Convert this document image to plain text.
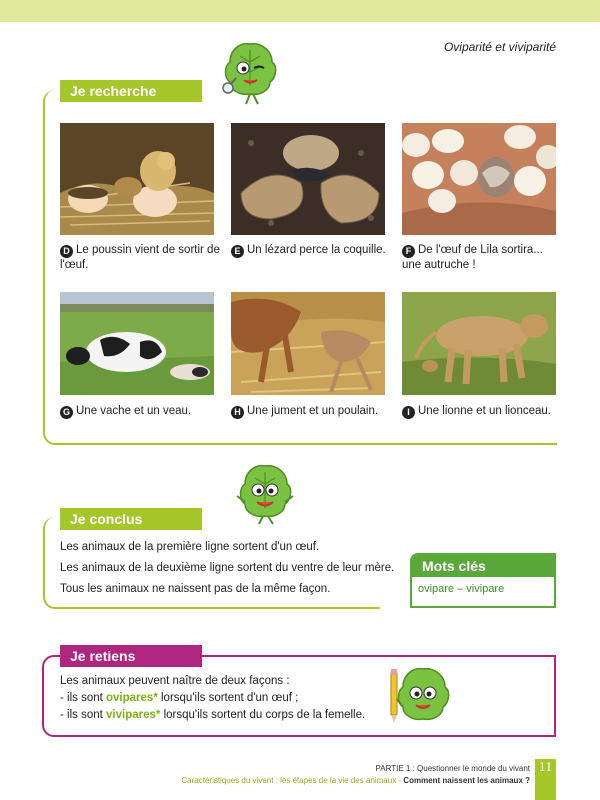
Oviparité et viviparité
Je recherche
D Le poussin vient de sortir de l'œuf.
E Un lézard perce la coquille.	F De l'œuf de Lila sortira... une autruche !
G Une vache et un veau.	H Une jument et un poulain.	I Une lionne et un lionceau.
Je conclus
Les animaux de la première ligne sortent d'un œuf.
Les animaux de la deuxième ligne sortent du ventre de leur mère.
Tous les animaux ne naissent pas de la même façon.
Mots clés
ovipare – vivipare
Je retiens
Les animaux peuvent naître de deux façons :
- ils sont ovipares* lorsqu'ils sortent d'un œuf ;
- ils sont vivipares* lorsqu'ils sortent du corps de la femelle.
PARTIE 1 : Questionner le monde du vivant
Caractéristiques du vivant : les étapes de la vie des animaux - Comment naissent les animaux ?
11
